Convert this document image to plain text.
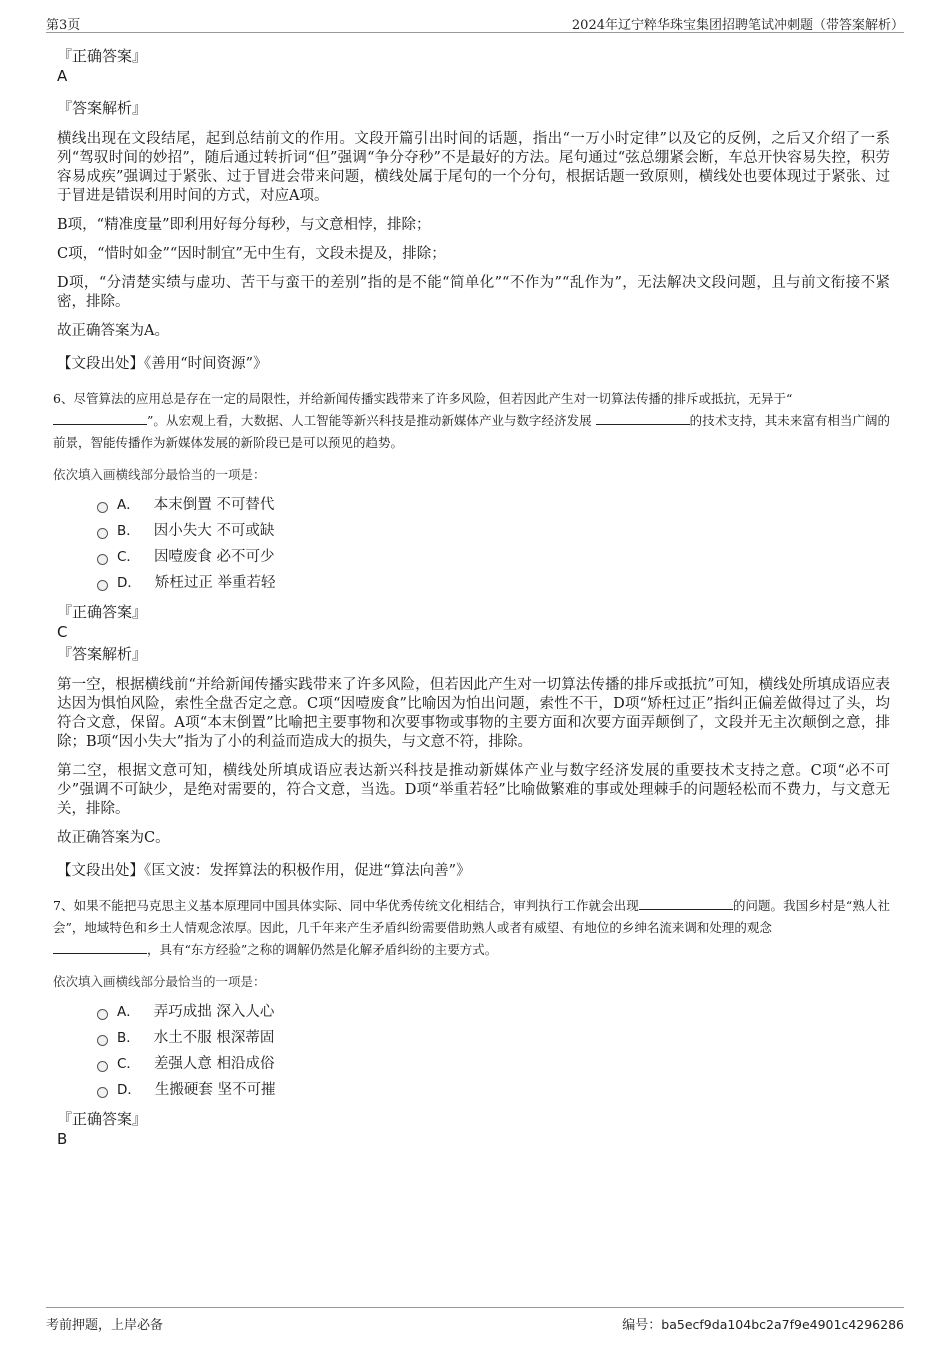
第3页	2024年辽宁粹华珠宝集团招聘笔试冲刺题（带答案解析）
『正确答案』
A
『答案解析』

横线出现在文段结尾，起到总结前文的作用。文段开篇引出时间的话题，指出“一万小时定律”以及它的反例，之后又介绍了一系列“驾驭时间的妙招”，随后通过转折词“但”强调“争分夺秒”不是最好的方法。尾句通过“弦总绷紧会断，车总开快容易失控，积劳容易成疾”强调过于紧张、过于冒进会带来问题，横线处属于尾句的一个分句，根据话题一致原则，横线处也要体现过于紧张、过于冒进是错误利用时间的方式，对应A项。

B项，“精准度量”即利用好每分每秒，与文意相悖，排除；

C项，“惜时如金”“因时制宜”无中生有，文段未提及，排除；

D项，“分清楚实绩与虚功、苦干与蛮干的差别”指的是不能“简单化”“不作为”“乱作为”，无法解决文段问题，且与前文衔接不紧密，排除。

故正确答案为A。

【文段出处】《善用“时间资源”》

6、尽管算法的应用总是存在一定的局限性，并给新闻传播实践带来了许多风险，但若因此产生对一切算法传播的排斥或抵抗，无异于“
”。从宏观上看，大数据、人工智能等新兴科技是推动新媒体产业与数字经济发展	的技术支持，其未来富有相当广阔的前景，智能传播作为新媒体发展的新阶段已是可以预见的趋势。

依次填入画横线部分最恰当的一项是：

A． 本末倒置 不可替代
B． 因小失大 不可或缺
C． 因噎废食 必不可少
D． 矫枉过正 举重若轻
『正确答案』
C
『答案解析』

第一空，根据横线前“并给新闻传播实践带来了许多风险，但若因此产生对一切算法传播的排斥或抵抗”可知，横线处所填成语应表达因为惧怕风险，索性全盘否定之意。C项“因噎废食”比喻因为怕出问题，索性不干，D项“矫枉过正”指纠正偏差做得过了头，均符合文意，保留。A项“本末倒置”比喻把主要事物和次要事物或事物的主要方面和次要方面弄颠倒了，文段并无主次颠倒之意，排除；B项“因小失大”指为了小的利益而造成大的损失，与文意不符，排除。

第二空，根据文意可知，横线处所填成语应表达新兴科技是推动新媒体产业与数字经济发展的重要技术支持之意。C项“必不可少”强调不可缺少，是绝对需要的，符合文意，当选。D项“举重若轻”比喻做繁难的事或处理棘手的问题轻松而不费力，与文意无关，排除。

故正确答案为C。

【文段出处】《匡文波：发挥算法的积极作用，促进“算法向善”》

7、如果不能把马克思主义基本原理同中国具体实际、同中华优秀传统文化相结合，审判执行工作就会出现	的问题。我国乡村是“熟人社会”，地域特色和乡土人情观念浓厚。因此，几千年来产生矛盾纠纷需要借助熟人或者有威望、有地位的乡绅名流来调和处理的观念
，具有“东方经验”之称的调解仍然是化解矛盾纠纷的主要方式。

依次填入画横线部分最恰当的一项是：

A． 弄巧成拙 深入人心
B． 水土不服 根深蒂固
C． 差强人意 相沿成俗
D． 生搬硬套 坚不可摧
『正确答案』
B
考前押题，上岸必备	编号：ba5ecf9da104bc2a7f9e4901c4296286
